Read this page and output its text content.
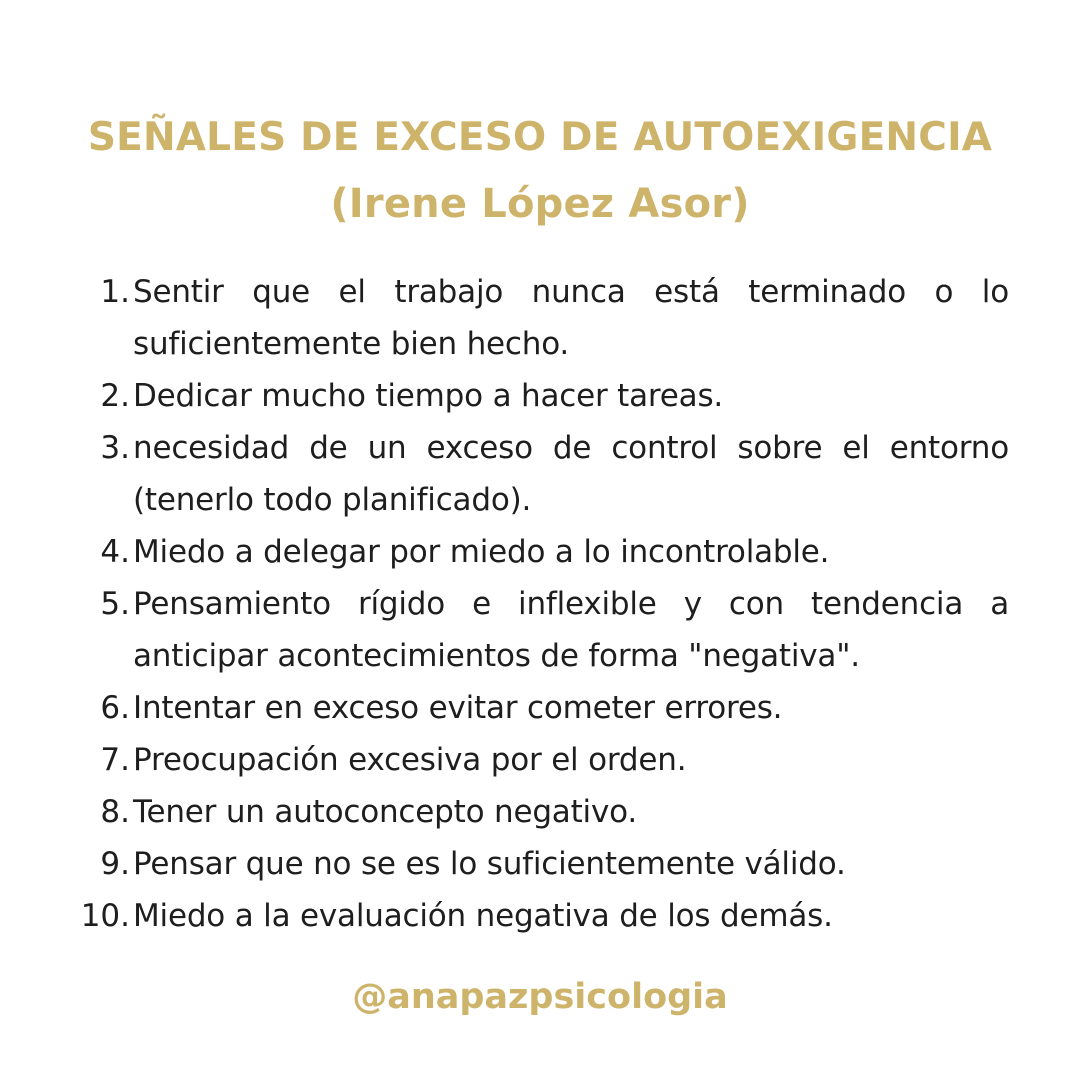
SEÑALES DE EXCESO DE AUTOEXIGENCIA
(Irene López Asor)
1. Sentir que el trabajo nunca está terminado o lo suficientemente bien hecho.
2. Dedicar mucho tiempo a hacer tareas.
3. necesidad de un exceso de control sobre el entorno (tenerlo todo planificado).
4. Miedo a delegar por miedo a lo incontrolable.
5. Pensamiento rígido e inflexible y con tendencia a anticipar acontecimientos de forma "negativa".
6. Intentar en exceso evitar cometer errores.
7. Preocupación excesiva por el orden.
8. Tener un autoconcepto negativo.
9. Pensar que no se es lo suficientemente válido.
10. Miedo a la evaluación negativa de los demás.
@anapazpsicologia
